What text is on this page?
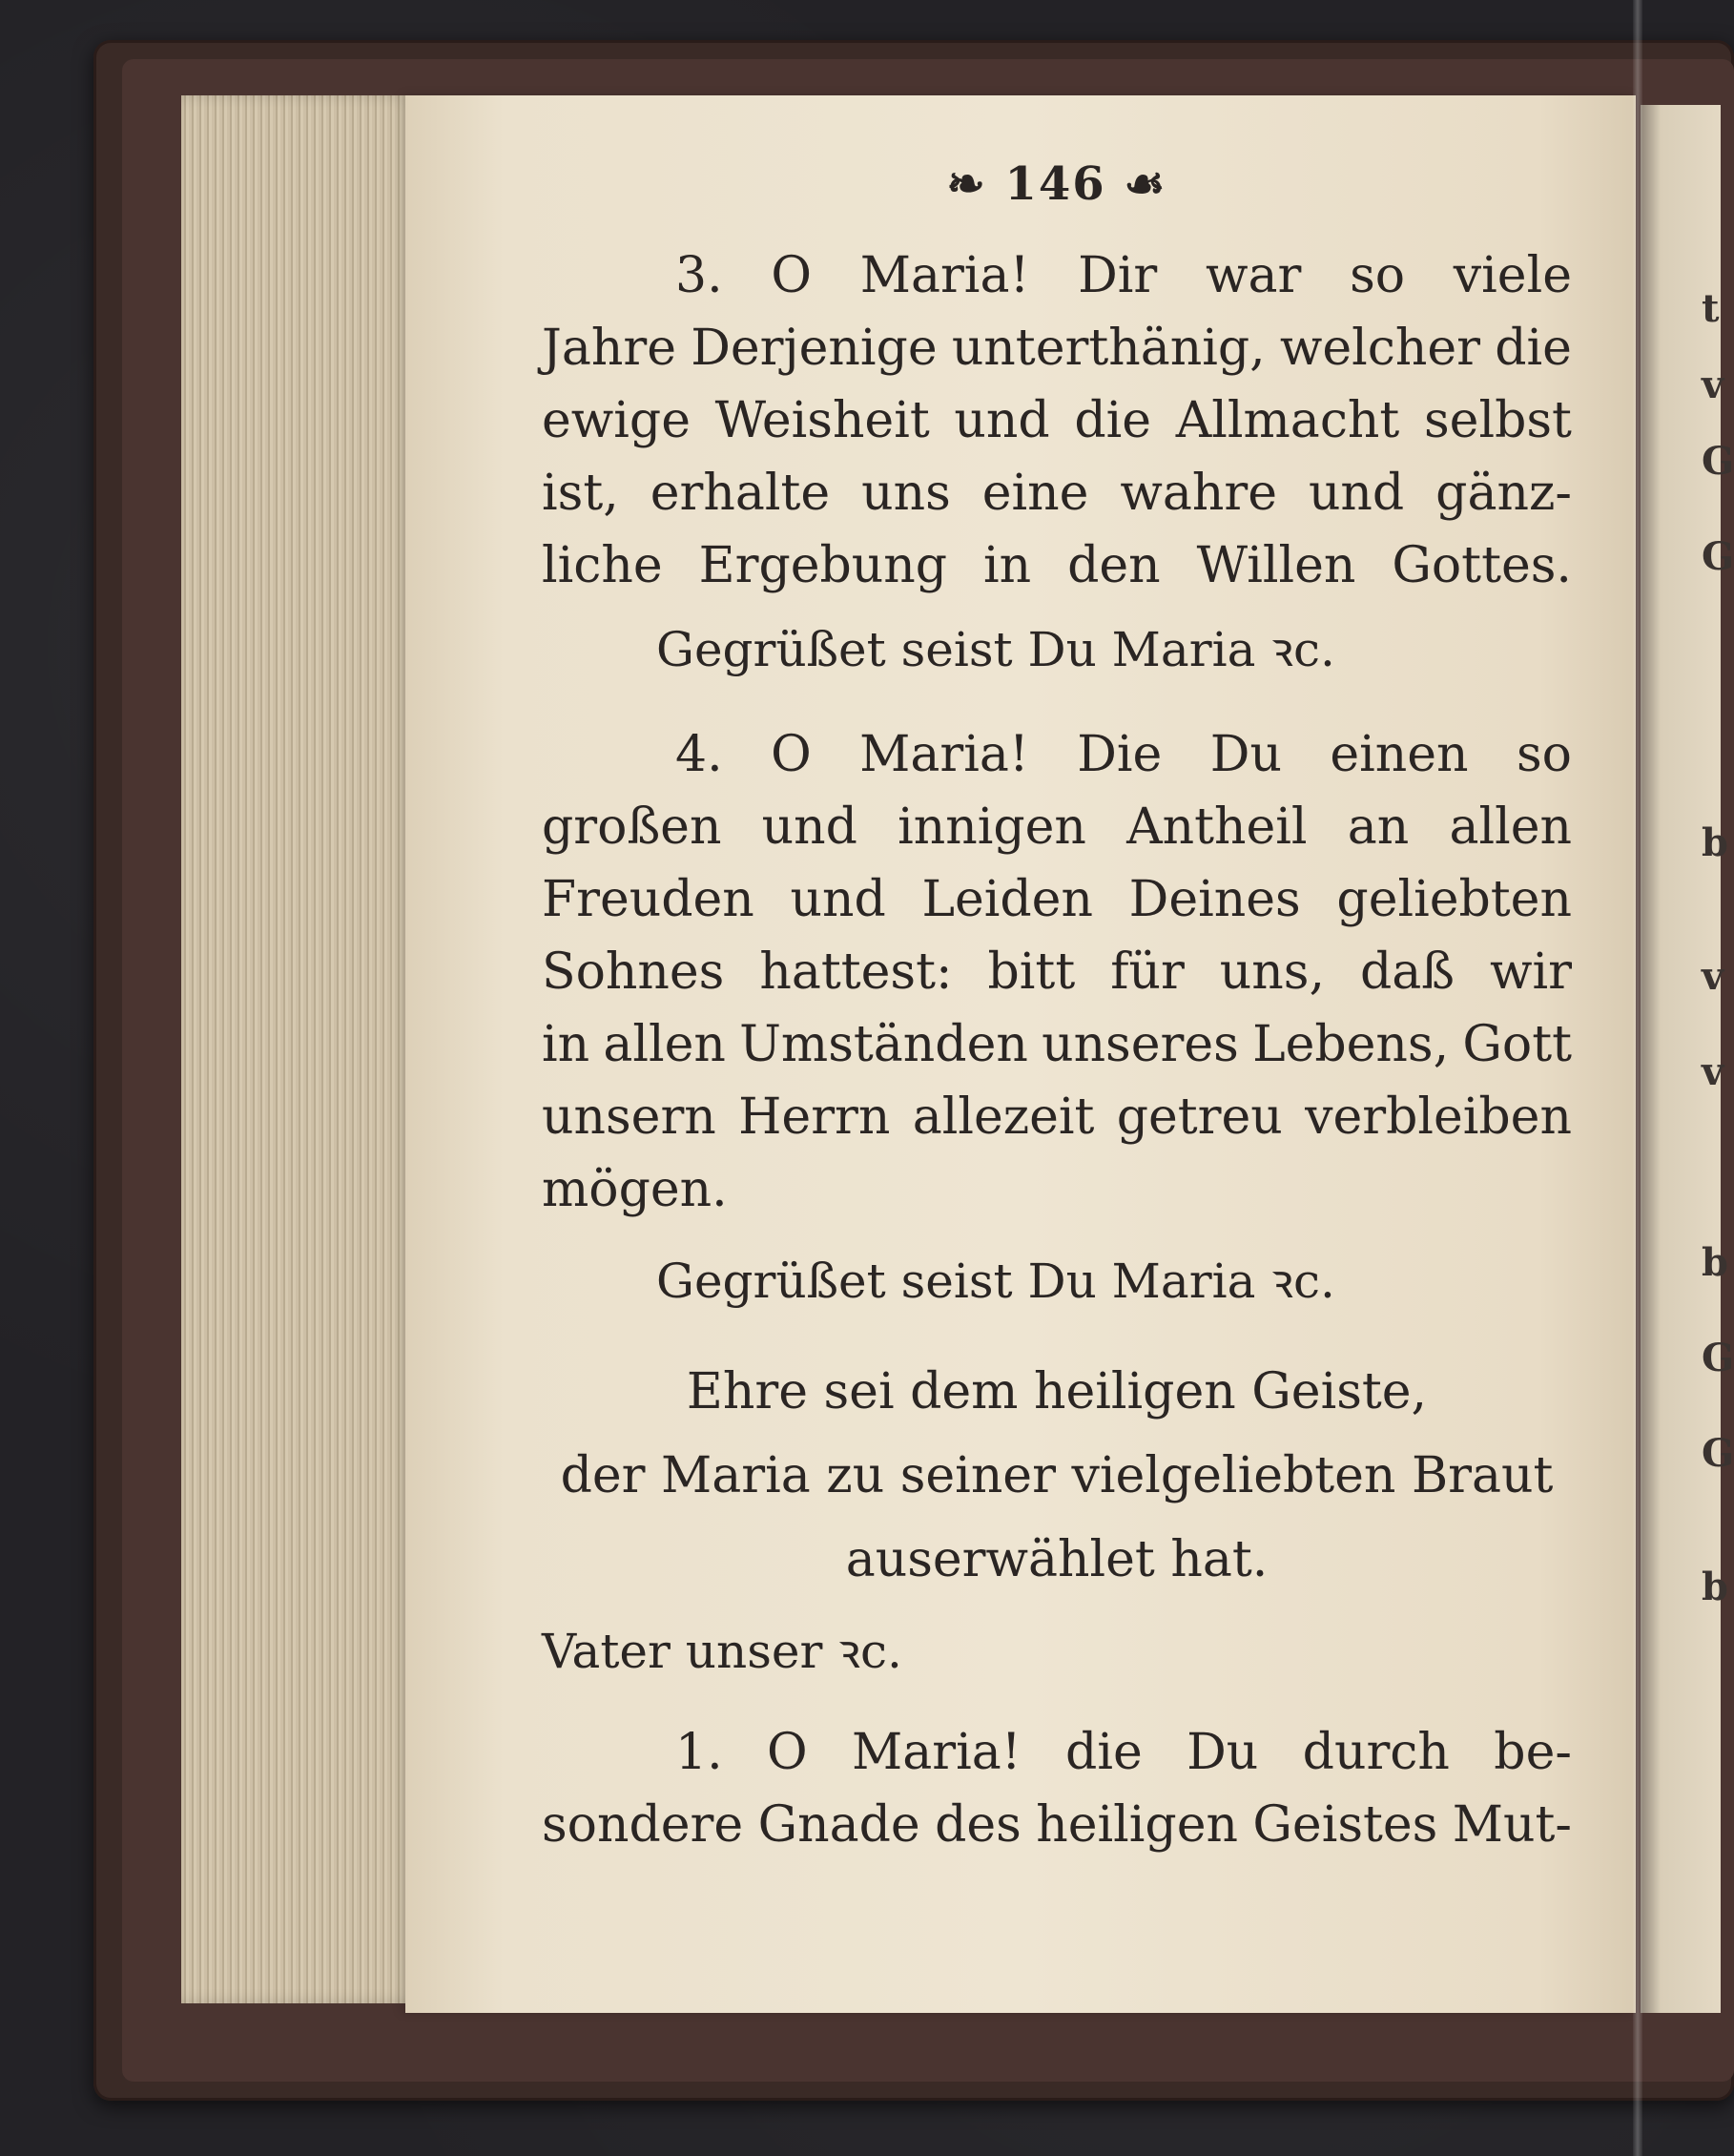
t
v
G
G
b
v
v
b
G
G
b
❧ 146 ☙
3. O Maria! Dir war so viele
Jahre Derjenige unterthänig, welcher die
ewige Weisheit und die Allmacht selbst
ist, erhalte uns eine wahre und gänz-
liche Ergebung in den Willen Gottes.
Gegrüßet seist Du Maria ꝛc.
4. O Maria! Die Du einen so
großen und innigen Antheil an allen
Freuden und Leiden Deines geliebten
Sohnes hattest: bitt für uns, daß wir
in allen Umständen unseres Lebens, Gott
unsern Herrn allezeit getreu verbleiben
mögen.
Gegrüßet seist Du Maria ꝛc.
Ehre sei dem heiligen Geiste,
der Maria zu seiner vielgeliebten Braut
auserwählet hat.
Vater unser ꝛc.
1. O Maria! die Du durch be-
sondere Gnade des heiligen Geistes Mut-
